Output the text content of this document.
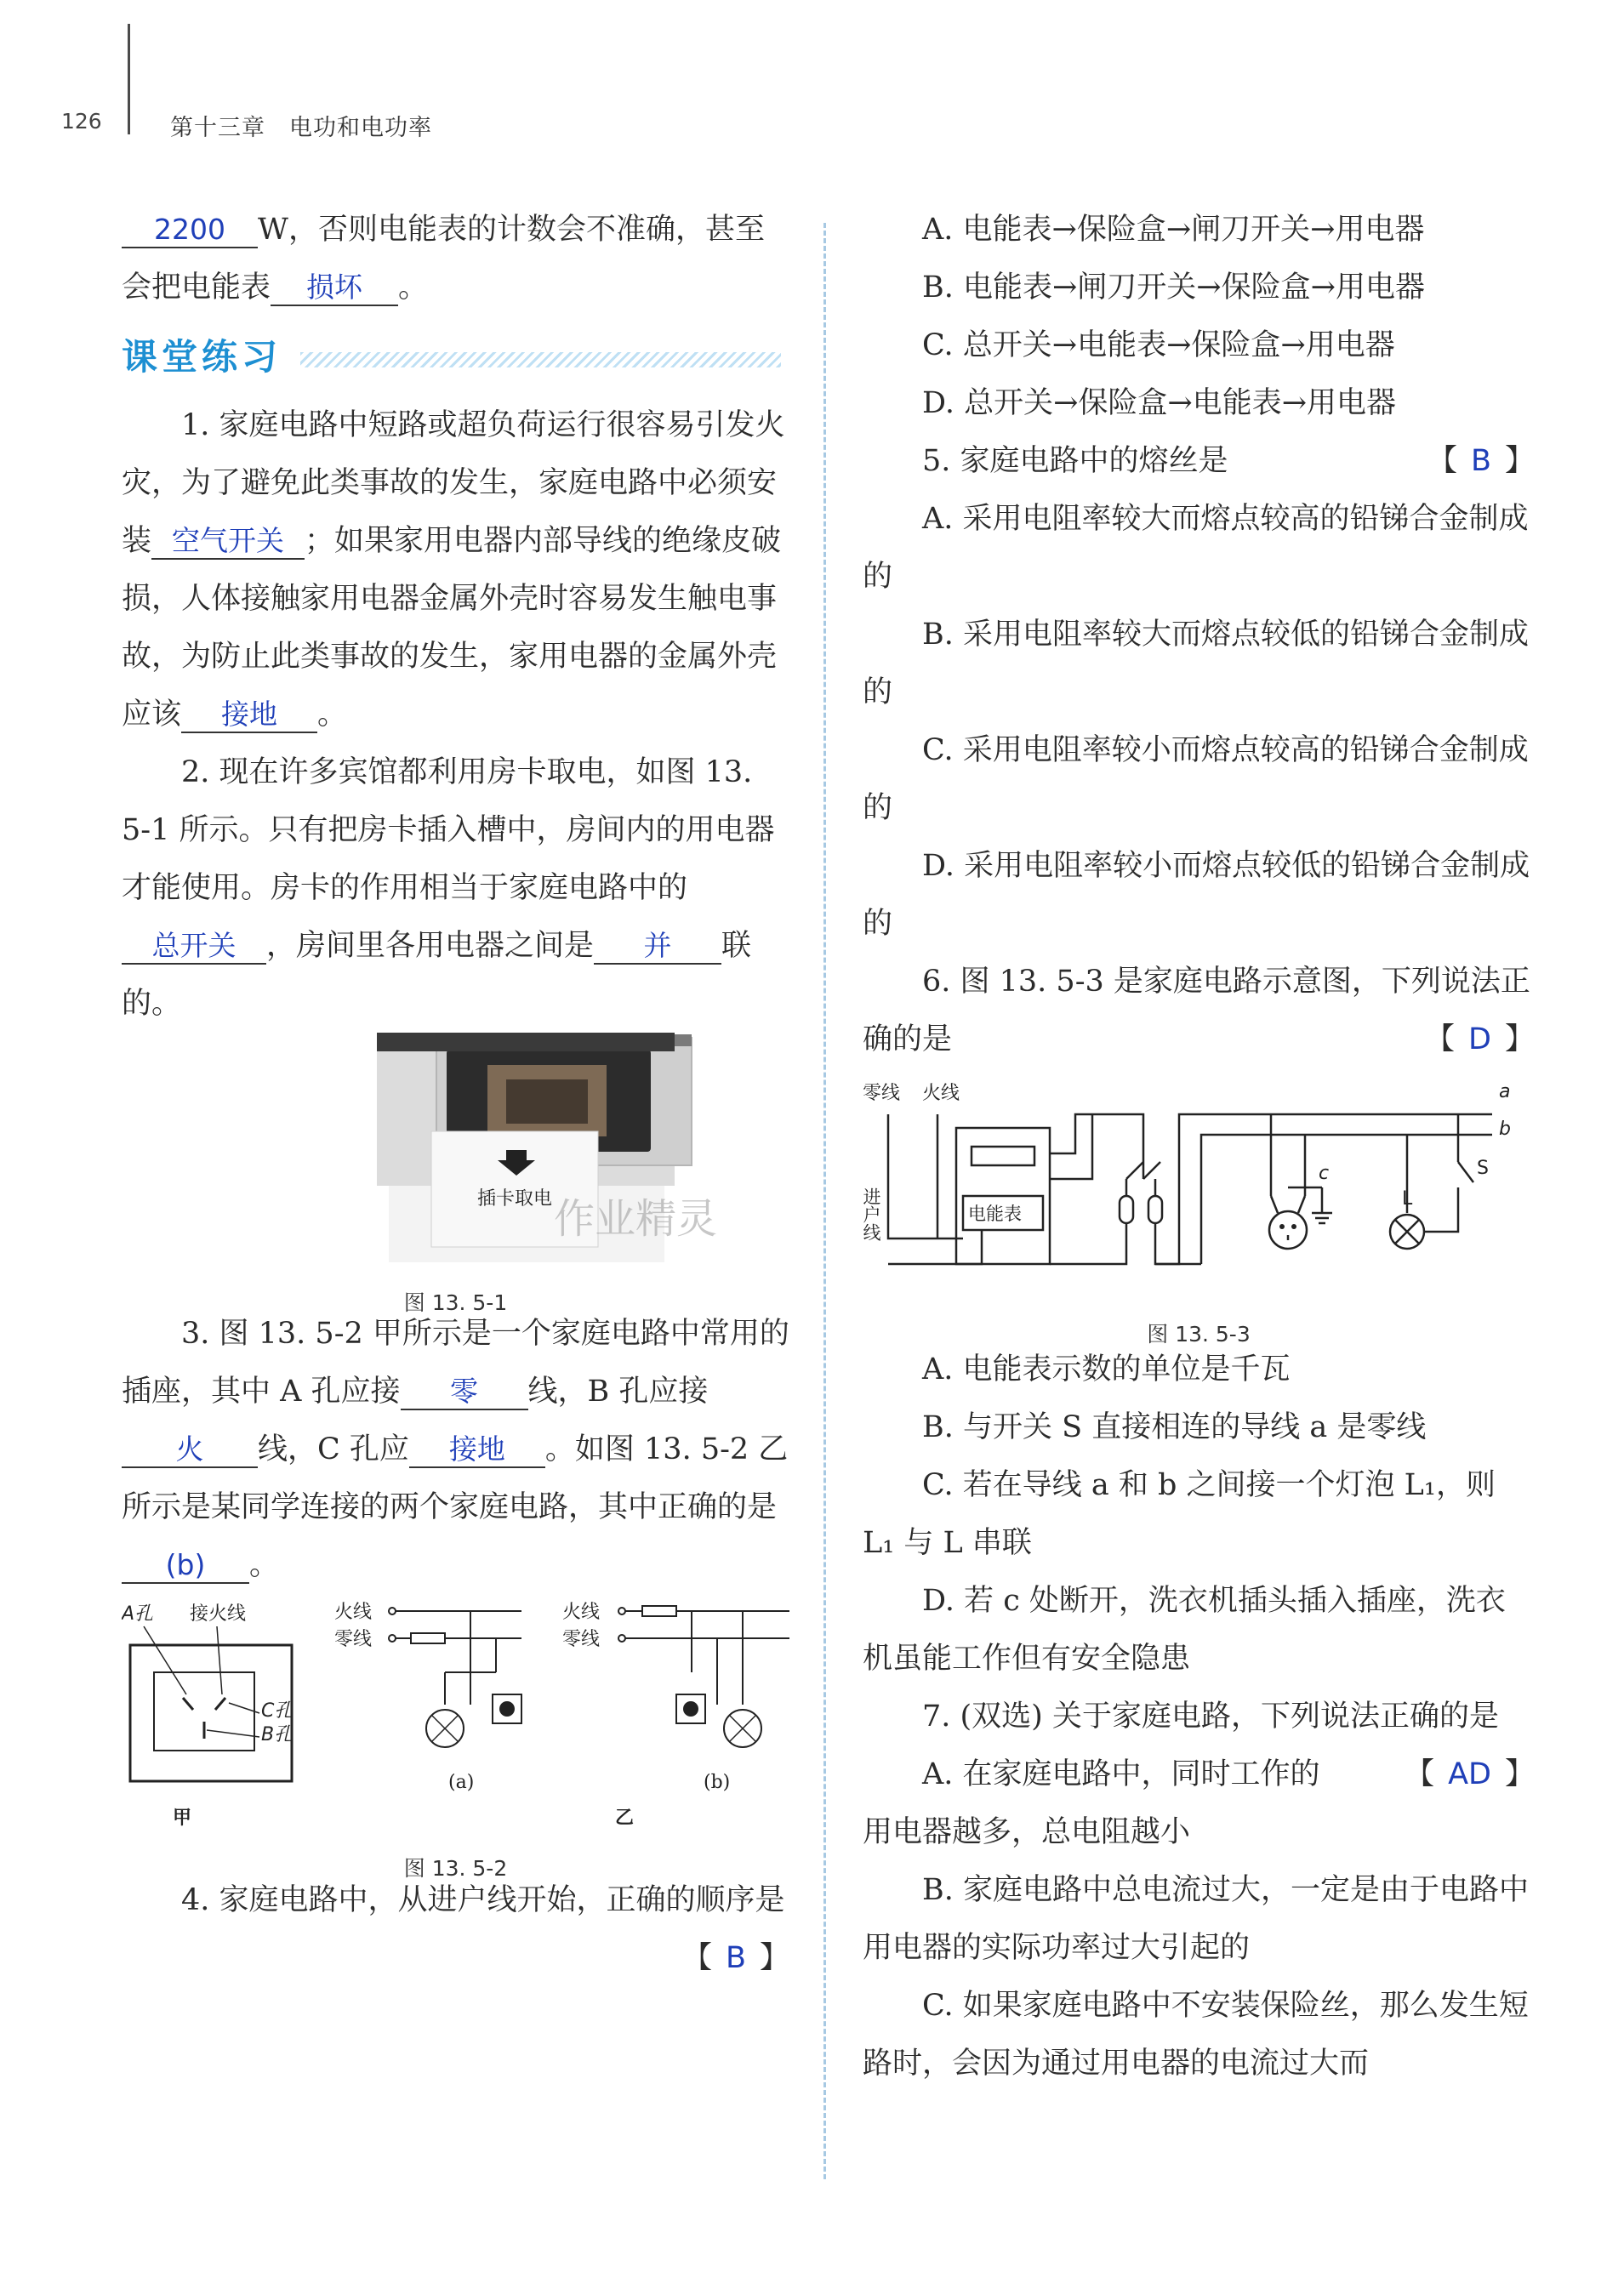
126	第十三章　电功和电功率

2200 W，否则电能表的计数会不准确，甚至会把电能表 损坏 。

课堂练习

1. 家庭电路中短路或超负荷运行很容易引发火灾，为了避免此类事故的发生，家庭电路中必须安装 空气开关 ；如果家用电器内部导线的绝缘皮破损，人体接触家用电器金属外壳时容易发生触电事故，为防止此类事故的发生，家用电器的金属外壳应该 接地 。

2. 现在许多宾馆都利用房卡取电，如图 13. 5-1 所示。只有把房卡插入槽中，房间内的用电器才能使用。房卡的作用相当于家庭电路中的总开关 ，房间里各用电器之间是 并 联的。

插卡取电 作业精灵
图 13. 5-1

3. 图 13. 5-2 甲所示是一个家庭电路中常用的插座，其中 A 孔应接 零 线，B 孔应接火 线，C 孔应 接地 。如图 13. 5-2 乙所示是某同学连接的两个家庭电路，其中正确的是(b) 。

A孔 接火线
C孔
B孔
甲
火线
零线
(a)
火线
零线
(b)
乙
图 13. 5-2

4. 家庭电路中，从进户线开始，正确的顺序是
【 B 】

A. 电能表→保险盒→闸刀开关→用电器

B. 电能表→闸刀开关→保险盒→用电器

C. 总开关→电能表→保险盒→用电器

D. 总开关→保险盒→电能表→用电器

5. 家庭电路中的熔丝是	【 B 】

A. 采用电阻率较大而熔点较高的铅锑合金制成的

B. 采用电阻率较大而熔点较低的铅锑合金制成的

C. 采用电阻率较小而熔点较高的铅锑合金制成的

D. 采用电阻率较小而熔点较低的铅锑合金制成的

6. 图 13. 5-3 是家庭电路示意图，下列说法正确的是	【 D 】

零线 火线
进户线	电能表
a
b
c
L
S
图 13. 5-3

A. 电能表示数的单位是千瓦

B. 与开关 S 直接相连的导线 a 是零线

C. 若在导线 a 和 b 之间接一个灯泡 L₁，则 L₁ 与 L 串联

D. 若 c 处断开，洗衣机插头插入插座，洗衣机虽能工作但有安全隐患

7. (双选) 关于家庭电路，下列说法正确的是
【 AD 】

A. 在家庭电路中，同时工作的用电器越多，总电阻越小

B. 家庭电路中总电流过大，一定是由于电路中用电器的实际功率过大引起的

C. 如果家庭电路中不安装保险丝，那么发生短路时，会因为通过用电器的电流过大而
